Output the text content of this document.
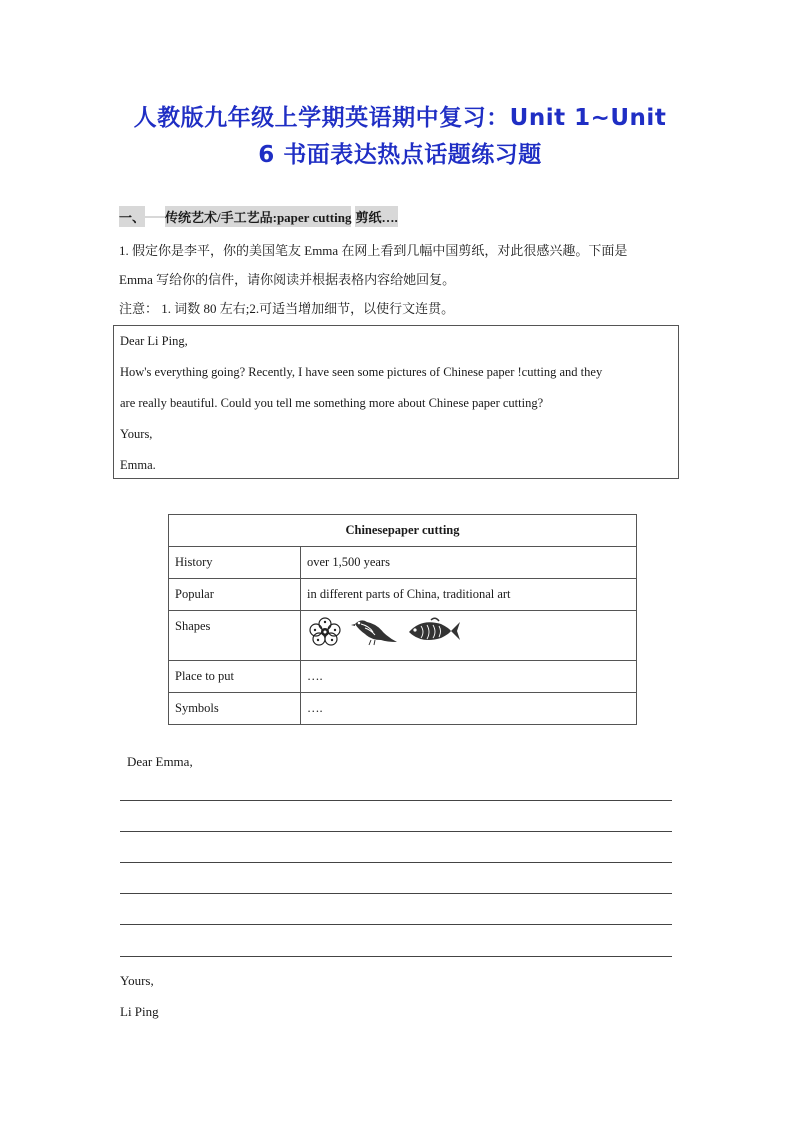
人教版九年级上学期英语期中复习：Unit 1~Unit
6 书面表达热点话题练习题
一、 传统艺术/手工艺品:paper cutting 剪纸….

1. 假定你是李平，你的美国笔友 Emma 在网上看到几幅中国剪纸，对此很感兴趣。下面是

Emma 写给你的信件，请你阅读并根据表格内容给她回复。

注意： 1. 词数 80 左右;2.可适当增加细节，以使行文连贯。

Dear Li Ping,

How's everything going? Recently, I have seen some pictures of Chinese paper !cutting and they

are really beautiful. Could you tell me something more about Chinese paper cutting?

Yours,

Emma.

Chinesepaper cutting	
History	over 1,500 years
Popular	in different parts of China, traditional art
Shapes	

Place to put	….
Symbols	….
Dear Emma,
Yours,
Li Ping
